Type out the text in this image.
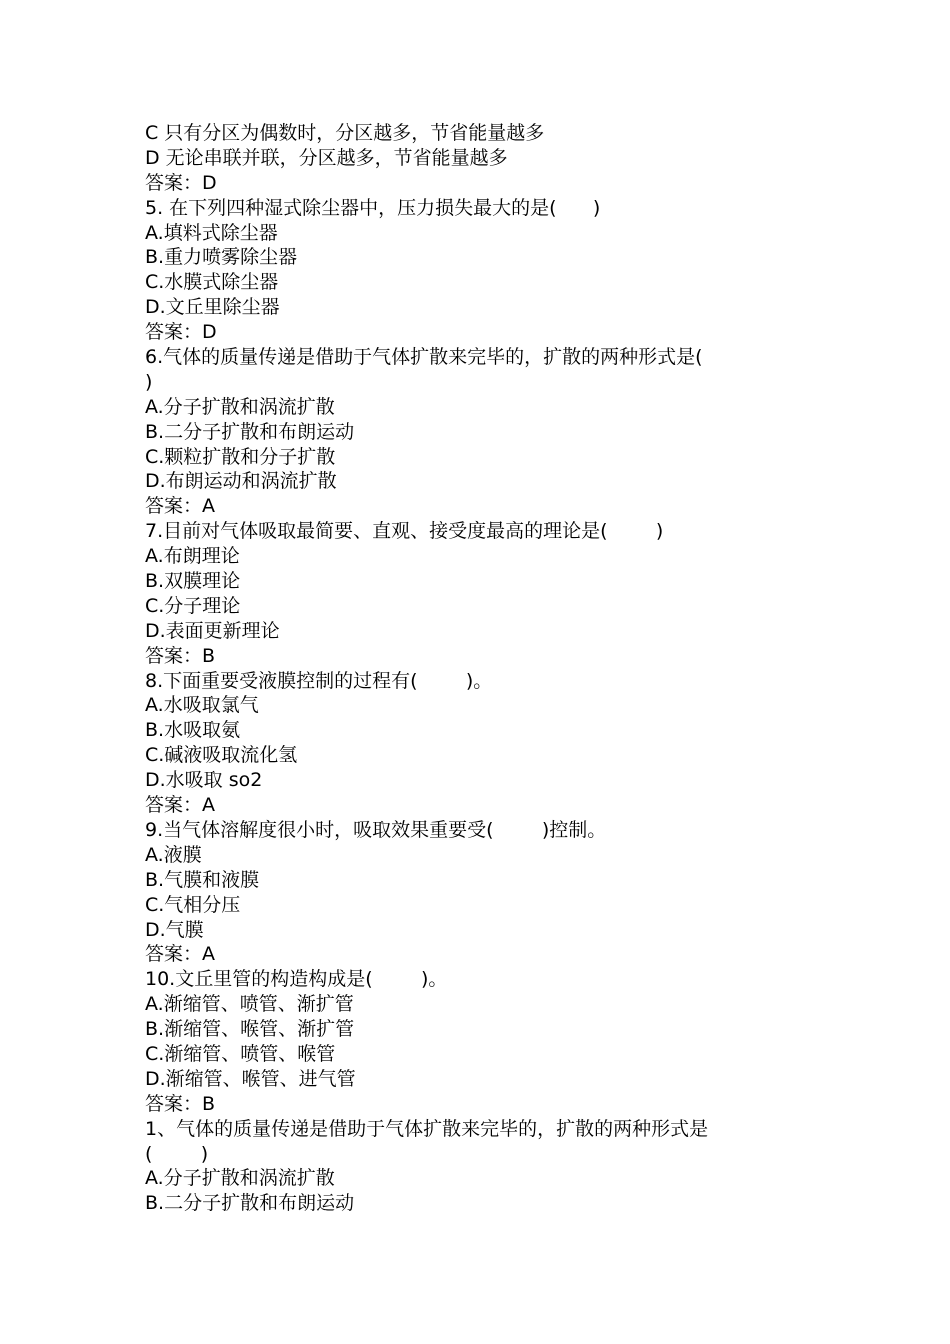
C 只有分区为偶数时，分区越多，节省能量越多
D 无论串联并联，分区越多，节省能量越多
答案：D
5. 在下列四种湿式除尘器中，压力损失最大的是(      )
A.填料式除尘器
B.重力喷雾除尘器
C.水膜式除尘器
D.文丘里除尘器
答案：D
6.气体的质量传递是借助于气体扩散来完毕的，扩散的两种形式是(
)
A.分子扩散和涡流扩散
B.二分子扩散和布朗运动
C.颗粒扩散和分子扩散
D.布朗运动和涡流扩散
答案：A
7.目前对气体吸取最简要、直观、接受度最高的理论是(        )
A.布朗理论
B.双膜理论
C.分子理论
D.表面更新理论
答案：B
8.下面重要受液膜控制的过程有(        )。
A.水吸取氯气
B.水吸取氨
C.碱液吸取流化氢
D.水吸取 so2
答案：A
9.当气体溶解度很小时，吸取效果重要受(        )控制。
A.液膜
B.气膜和液膜
C.气相分压
D.气膜
答案：A
10.文丘里管的构造构成是(        )。
A.渐缩管、喷管、渐扩管
B.渐缩管、喉管、渐扩管
C.渐缩管、喷管、喉管
D.渐缩管、喉管、进气管
答案：B
1、气体的质量传递是借助于气体扩散来完毕的，扩散的两种形式是
(        )
A.分子扩散和涡流扩散
B.二分子扩散和布朗运动
